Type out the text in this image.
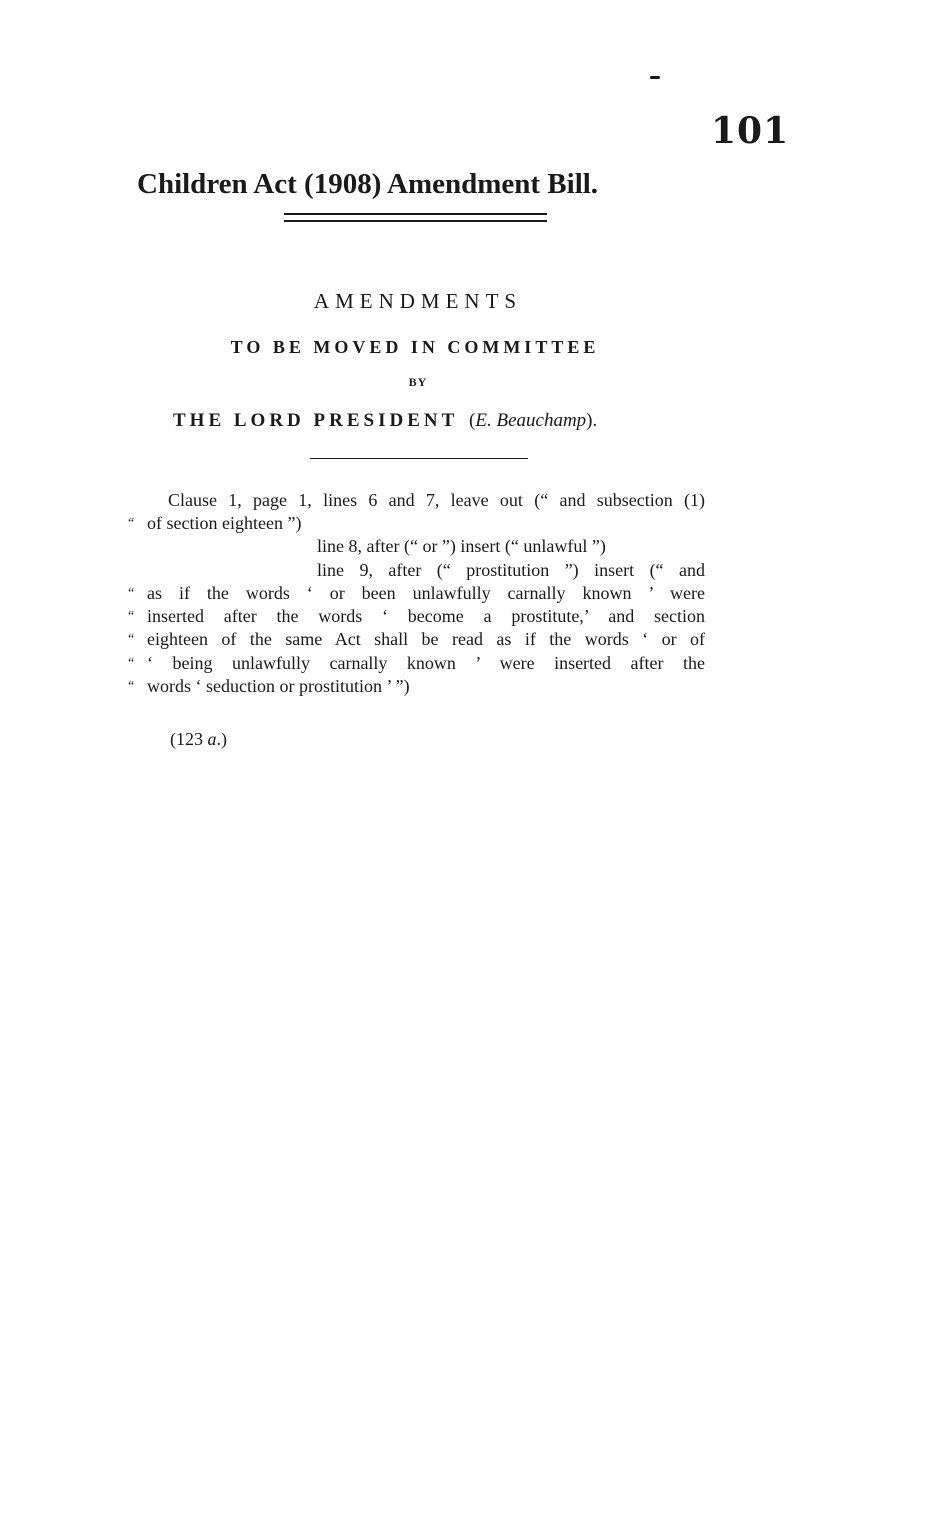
101
Children Act (1908) Amendment Bill.
AMENDMENTS
TO BE MOVED IN COMMITTEE
BY
THE LORD PRESIDENT (E. Beauchamp).
Clause 1, page 1, lines 6 and 7, leave out (“ and subsection (1)
“ of section eighteen ”)
line 8, after (“ or ”) insert (“ unlawful ”)
line 9, after (“ prostitution ”) insert (“ and
“ as if the words ‘ or been unlawfully carnally known ’ were
“ inserted after the words ‘ become a prostitute,’ and section
“ eighteen of the same Act shall be read as if the words ‘ or of
“ ‘ being unlawfully carnally known ’ were inserted after the
“ words ‘ seduction or prostitution ’ ”)
(123 a.)
